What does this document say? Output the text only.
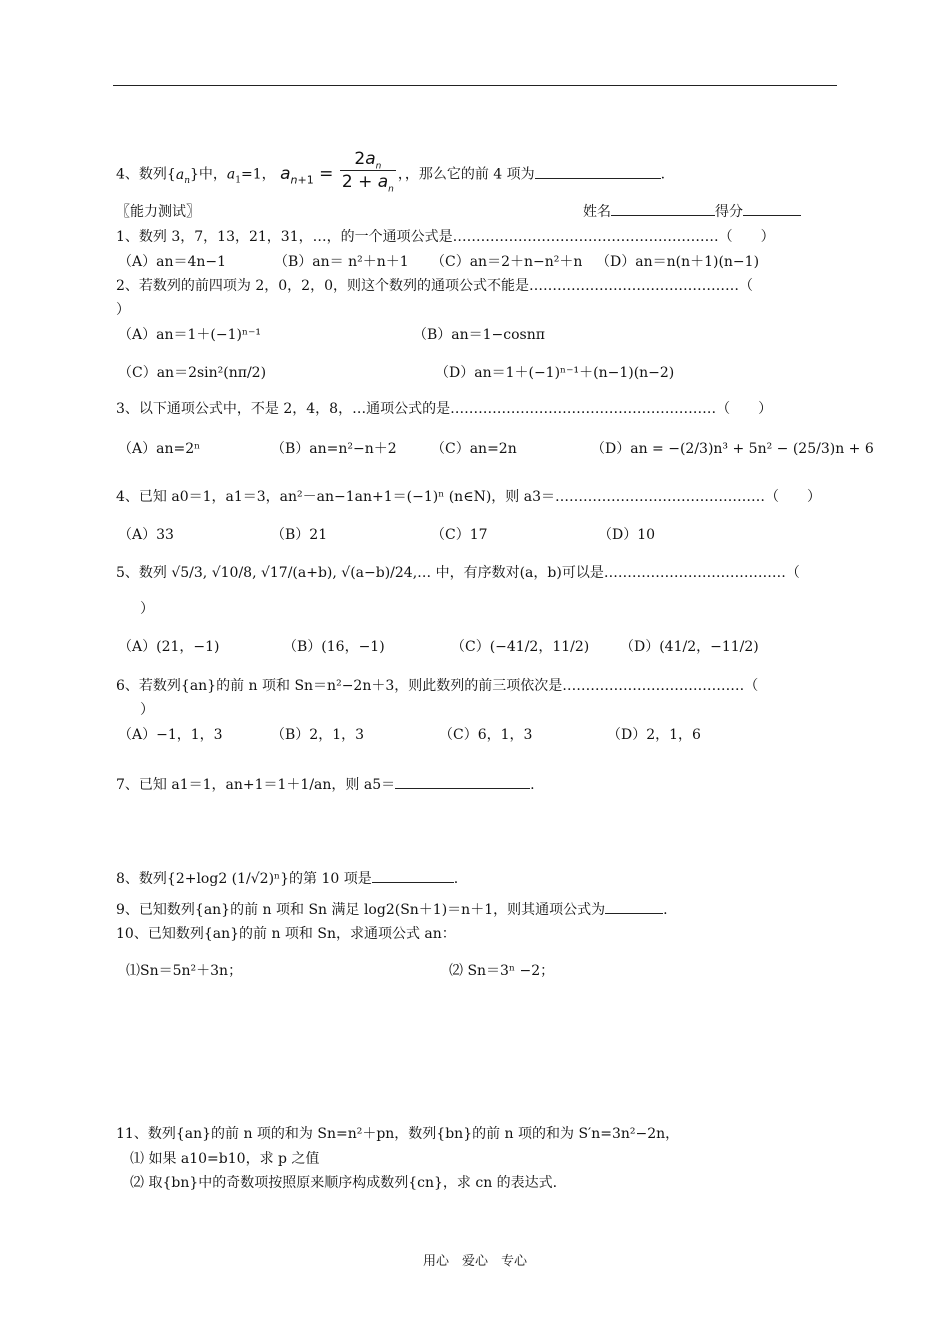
4、数列$\{a_n\}$中，$a_1=1$， $a_{n+1} = \frac{2a_n}{2 + a_n}$ ，，那么它的前 4 项为	.
〖能力测试〗	姓名	得分
1、数列 3，7，13，21，31，…，的一个通项公式是…………………………………………………（　　）
（A）an＝4n−1	（B）an＝ n²＋n＋1 （C）an＝2＋n−n²＋n （D）an＝n(n＋1)(n−1)
2、若数列的前四项为 2，0，2，0，则这个数列的通项公式不能是………………………………………（
）
（A）an＝1＋(−1)ⁿ⁻¹	（B）an＝1−cosnπ
（C）an＝2sin²(nπ/2)	（D）an＝1＋(−1)ⁿ⁻¹＋(n−1)(n−2)
3、以下通项公式中，不是 2，4，8，…通项公式的是…………………………………………………（　　）
（A）an=2ⁿ	（B）an=n²−n＋2 （C）an=2n	（D）an = −(2/3)n³ + 5n² − (25/3)n + 6
4、已知 a0＝1，a1＝3，an²－an−1an+1＝(−1)ⁿ (n∈N)，则 a3＝………………………………………（　　）
（A）33	（B）21	（C）17	（D）10
5、数列 √5/3, √10/8, √17/(a+b), √(a−b)/24,… 中，有序数对(a，b)可以是…………………………………（
）
（A）(21，−1)	（B）(16，−1)	（C）(−41/2，11/2) （D）(41/2，−11/2)
6、若数列{an}的前 n 项和 Sn＝n²−2n＋3，则此数列的前三项依次是…………………………………（
）
（A）−1，1，3	（B）2，1，3	（C）6，1，3	（D）2，1，6
7、已知 a1＝1，an+1＝1＋1/an，则 a5＝	.
8、数列{2+log2 (1/√2)ⁿ}的第 10 项是	.
9、已知数列{an}的前 n 项和 Sn 满足 log2(Sn＋1)＝n＋1，则其通项公式为	.
10、已知数列{an}的前 n 项和 Sn，求通项公式 an：
⑴Sn＝5n²＋3n；	⑵ Sn＝3ⁿ −2；
11、数列{an}的前 n 项的和为 Sn=n²＋pn，数列{bn}的前 n 项的和为 S′n=3n²−2n，
⑴ 如果 a10=b10，求 p 之值
⑵ 取{bn}中的奇数项按照原来顺序构成数列{cn}，求 cn 的表达式.
用心　爱心　专心
